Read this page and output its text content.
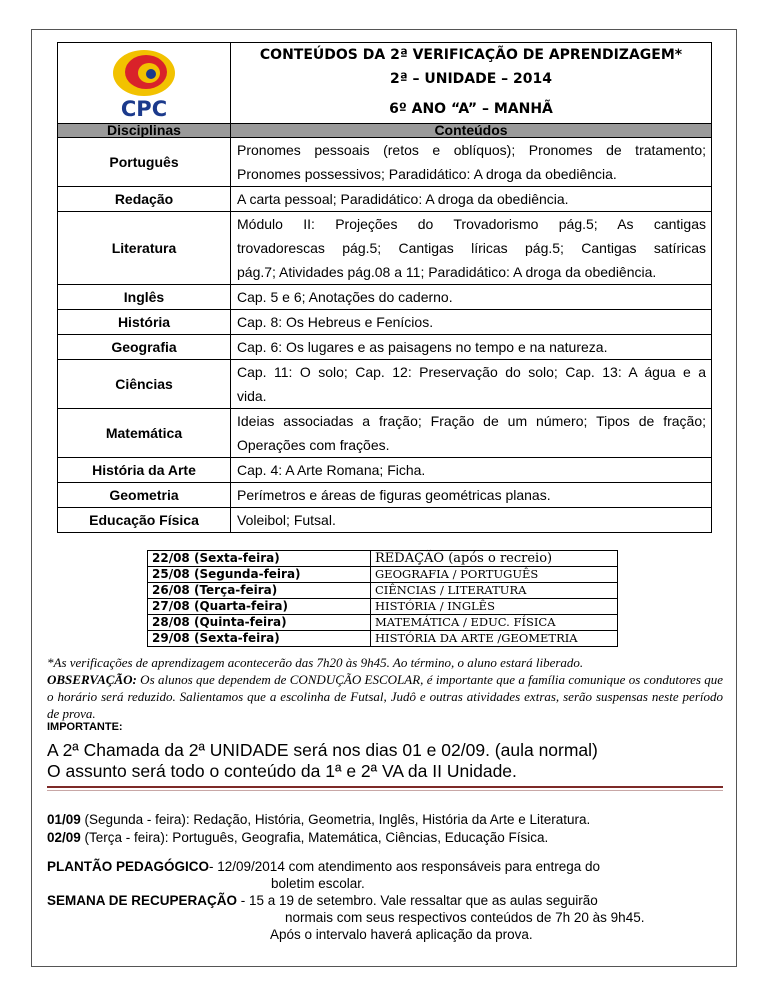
CPC	CONTEÚDOS DA 2ª VERIFICAÇÃO DE APRENDIZAGEM*
2ª – UNIDADE – 2014
6º ANO “A” – MANHÃ

Disciplinas	Conteúdos
Português	Pronomes pessoais (retos e oblíquos); Pronomes de tratamento;
Pronomes possessivos; Paradidático: A droga da obediência.

Redação	A carta pessoal; Paradidático: A droga da obediência.

Literatura	Módulo II: Projeções do Trovadorismo pág.5; As cantigas
trovadorescas pág.5; Cantigas líricas pág.5; Cantigas satíricas
pág.7; Atividades pág.08 a 11; Paradidático: A droga da obediência.

Inglês	Cap. 5 e 6; Anotações do caderno.

História	Cap. 8: Os Hebreus e Fenícios.

Geografia	Cap. 6: Os lugares e as paisagens no tempo e na natureza.

Ciências	Cap. 11: O solo; Cap. 12: Preservação do solo; Cap. 13: A água e a
vida.

Matemática	Ideias associadas a fração; Fração de um número; Tipos de fração;
Operações com frações.

História da Arte	Cap. 4: A Arte Romana; Ficha.

Geometria	Perímetros e áreas de figuras geométricas planas.

Educação Física	Voleibol; Futsal.
22/08 (Sexta-feira)	REDAÇÃO (após o recreio)
25/08 (Segunda-feira)	GEOGRAFIA / PORTUGUÊS
26/08 (Terça-feira)	CIÊNCIAS / LITERATURA
27/08 (Quarta-feira)	HISTÓRIA / INGLÊS
28/08 (Quinta-feira)	MATEMÁTICA / EDUC. FÍSICA
29/08 (Sexta-feira)	HISTÓRIA DA ARTE /GEOMETRIA
*As verificações de aprendizagem acontecerão das 7h20 às 9h45. Ao término, o aluno estará liberado.
OBSERVAÇÃO: Os alunos que dependem de CONDUÇÃO ESCOLAR, é importante que a família comunique os condutores que o horário será reduzido. Salientamos que a escolinha de Futsal, Judô e outras atividades extras, serão suspensas neste período de prova.
IMPORTANTE:
A 2ª Chamada da 2ª UNIDADE será nos dias 01 e 02/09. (aula normal)
O assunto será todo o conteúdo da 1ª e 2ª VA da II Unidade.
01/09 (Segunda - feira): Redação, História, Geometria, Inglês, História da Arte e Literatura.
02/09 (Terça - feira): Português, Geografia, Matemática, Ciências, Educação Física.
PLANTÃO PEDAGÓGICO- 12/09/2014 com atendimento aos responsáveis para entrega do
boletim escolar.
SEMANA DE RECUPERAÇÃO - 15 a 19 de setembro. Vale ressaltar que as aulas seguirão
normais com seus respectivos conteúdos de 7h 20 às 9h45.
Após o intervalo haverá aplicação da prova.
